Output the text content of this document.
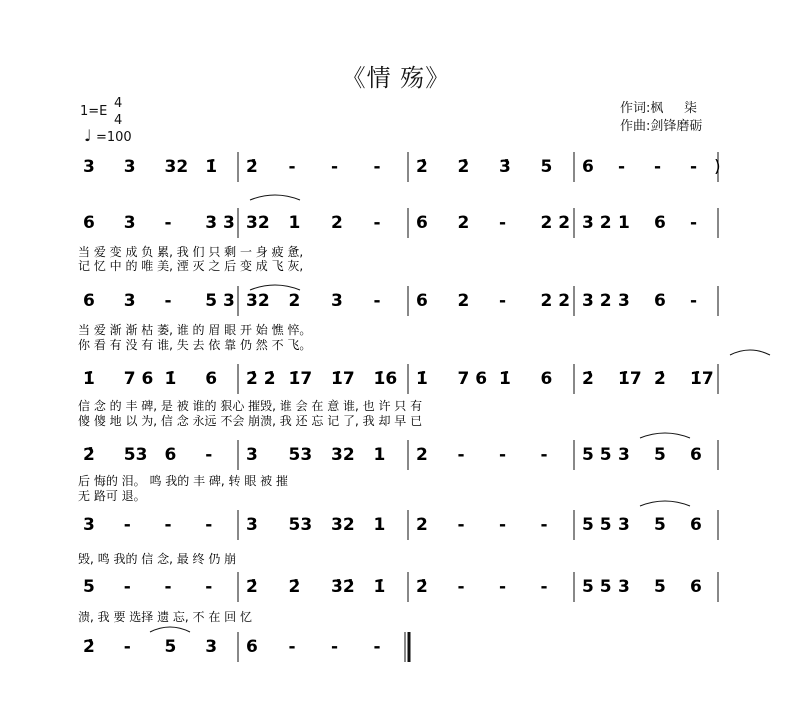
《情 殇》
1=E
4
4
♩ =100
作词:枫     柒
作曲:剑锋磨砺
3 3 32 1̇ 2̇ - - - 2̇ 2̇ 3̇ 5 6 - - -
6 3 - 3 3 32 1 2 - 6 2 - 2 2 3 2 1 6 -
6 3 - 5 3 32 2 3 - 6 2 - 2 2 3 2 3 6 -
1̇ 7 6 1̇ 6 2̇ 2̇ 1̇7 1̇7 1̇6 1̇ 7 6 1̇ 6 2̇ 1̇7 2̇ 1̇7
2̇ 53 6 - 3 53 32 1 2 - - - 5 5 3 5 6
3 - - - 3 53 32 1 2 - - - 5 5 3 5 6
5 - - - 2̇ 2̇ 3̇2̇ 1̇ 2̇ - - - 5 5 3 5 6
2̇ - 5 3 6 - - -
)
当 爱 变 成 负 累, 我 们 只 剩 一 身 疲 惫,
记 忆 中 的 唯 美, 湮 灭 之 后 变 成 飞 灰,
当 爱 渐 渐 枯 萎, 谁 的 眉 眼 开 始 憔 悴。
你 看 有 没 有 谁, 失 去 依 靠 仍 然 不 飞。
信 念 的 丰 碑, 是 被 谁的 狠心 摧毁, 谁 会 在 意 谁, 也 许 只 有
傻 傻 地 以 为, 信 念 永远 不会 崩溃, 我 还 忘 记 了, 我 却 早 已
后 悔的 泪。 鸣 我的 丰 碑, 转 眼 被 摧
无 路可 退。
毁, 鸣 我的 信 念, 最 终 仍 崩
溃, 我 要 选择 遗 忘, 不 在 回 忆
